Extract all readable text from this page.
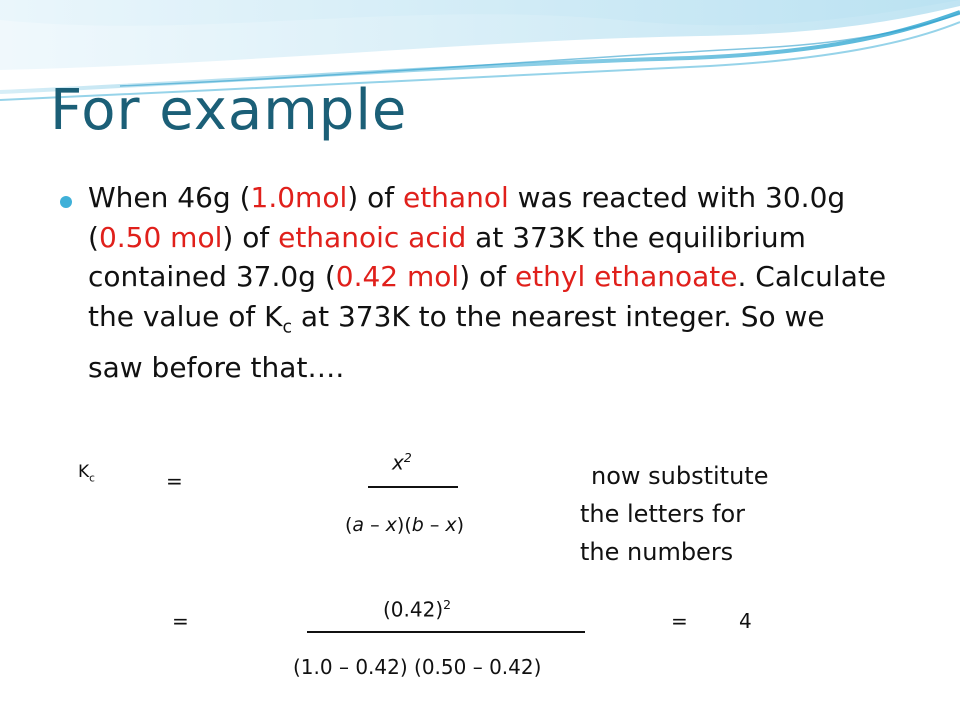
For example
When 46g (1.0mol) of ethanol was reacted with 30.0g (0.50 mol) of ethanoic acid at 373K the equilibrium contained 37.0g (0.42 mol) of ethyl ethanoate. Calculate the value of $K_c$ at 373K to the nearest integer. So we saw before that….
$K_c$	=
$x^2$
(a – x)(b – x)
now substitute
the letters for
the numbers
=	$(0.42)^2$
(1.0 – 0.42) (0.50 – 0.42)
=	4
